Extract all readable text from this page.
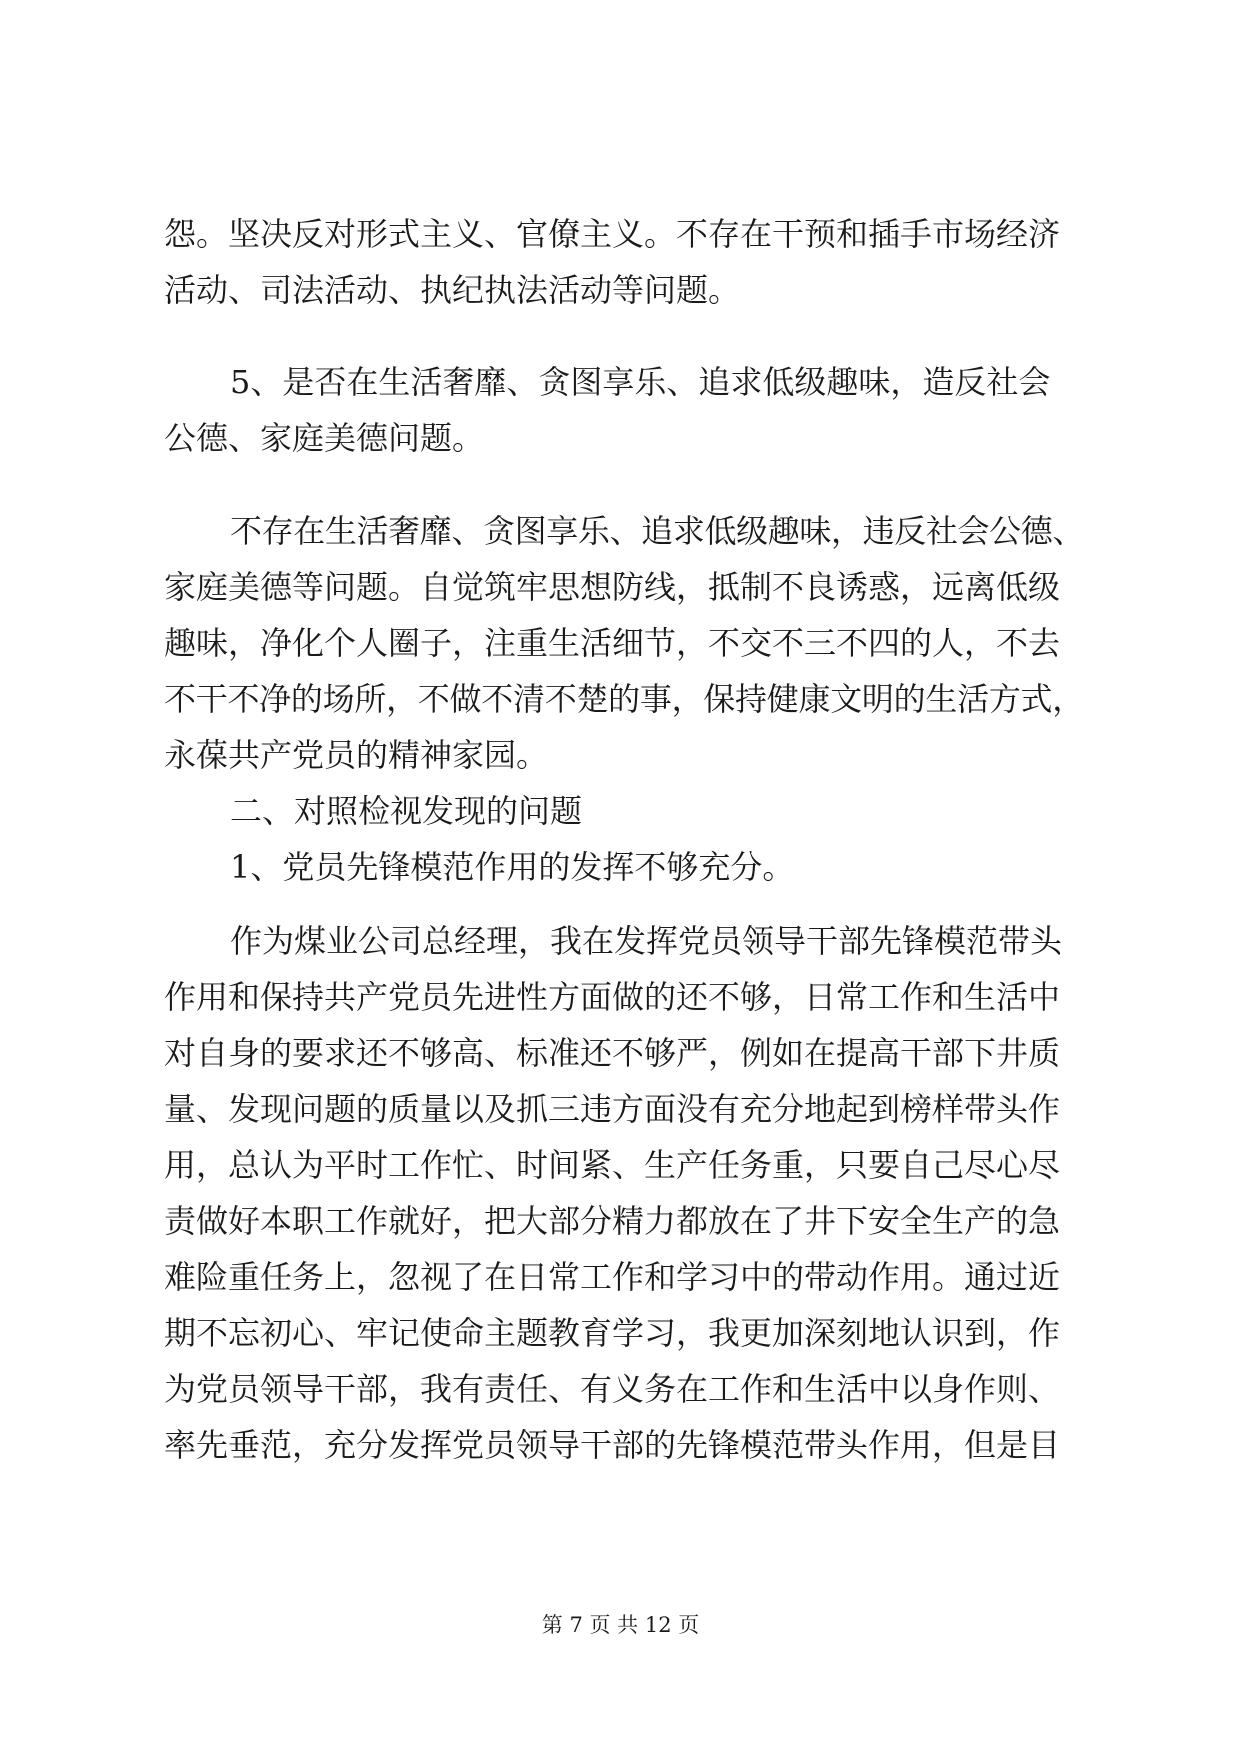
怨。坚决反对形式主义、官僚主义。不存在干预和插手市场经济
活动、司法活动、执纪执法活动等问题。
5、是否在生活奢靡、贪图享乐、追求低级趣味，造反社会
公德、家庭美德问题。
不存在生活奢靡、贪图享乐、追求低级趣味，违反社会公德、
家庭美德等问题。自觉筑牢思想防线，抵制不良诱惑，远离低级
趣味，净化个人圈子，注重生活细节，不交不三不四的人，不去
不干不净的场所，不做不清不楚的事，保持健康文明的生活方式，
永葆共产党员的精神家园。
二、对照检视发现的问题
1、党员先锋模范作用的发挥不够充分。
作为煤业公司总经理，我在发挥党员领导干部先锋模范带头
作用和保持共产党员先进性方面做的还不够，日常工作和生活中
对自身的要求还不够高、标准还不够严，例如在提高干部下井质
量、发现问题的质量以及抓三违方面没有充分地起到榜样带头作
用，总认为平时工作忙、时间紧、生产任务重，只要自己尽心尽
责做好本职工作就好，把大部分精力都放在了井下安全生产的急
难险重任务上，忽视了在日常工作和学习中的带动作用。通过近
期不忘初心、牢记使命主题教育学习，我更加深刻地认识到，作
为党员领导干部，我有责任、有义务在工作和生活中以身作则、
率先垂范，充分发挥党员领导干部的先锋模范带头作用，但是目
第 7 页 共 12 页
